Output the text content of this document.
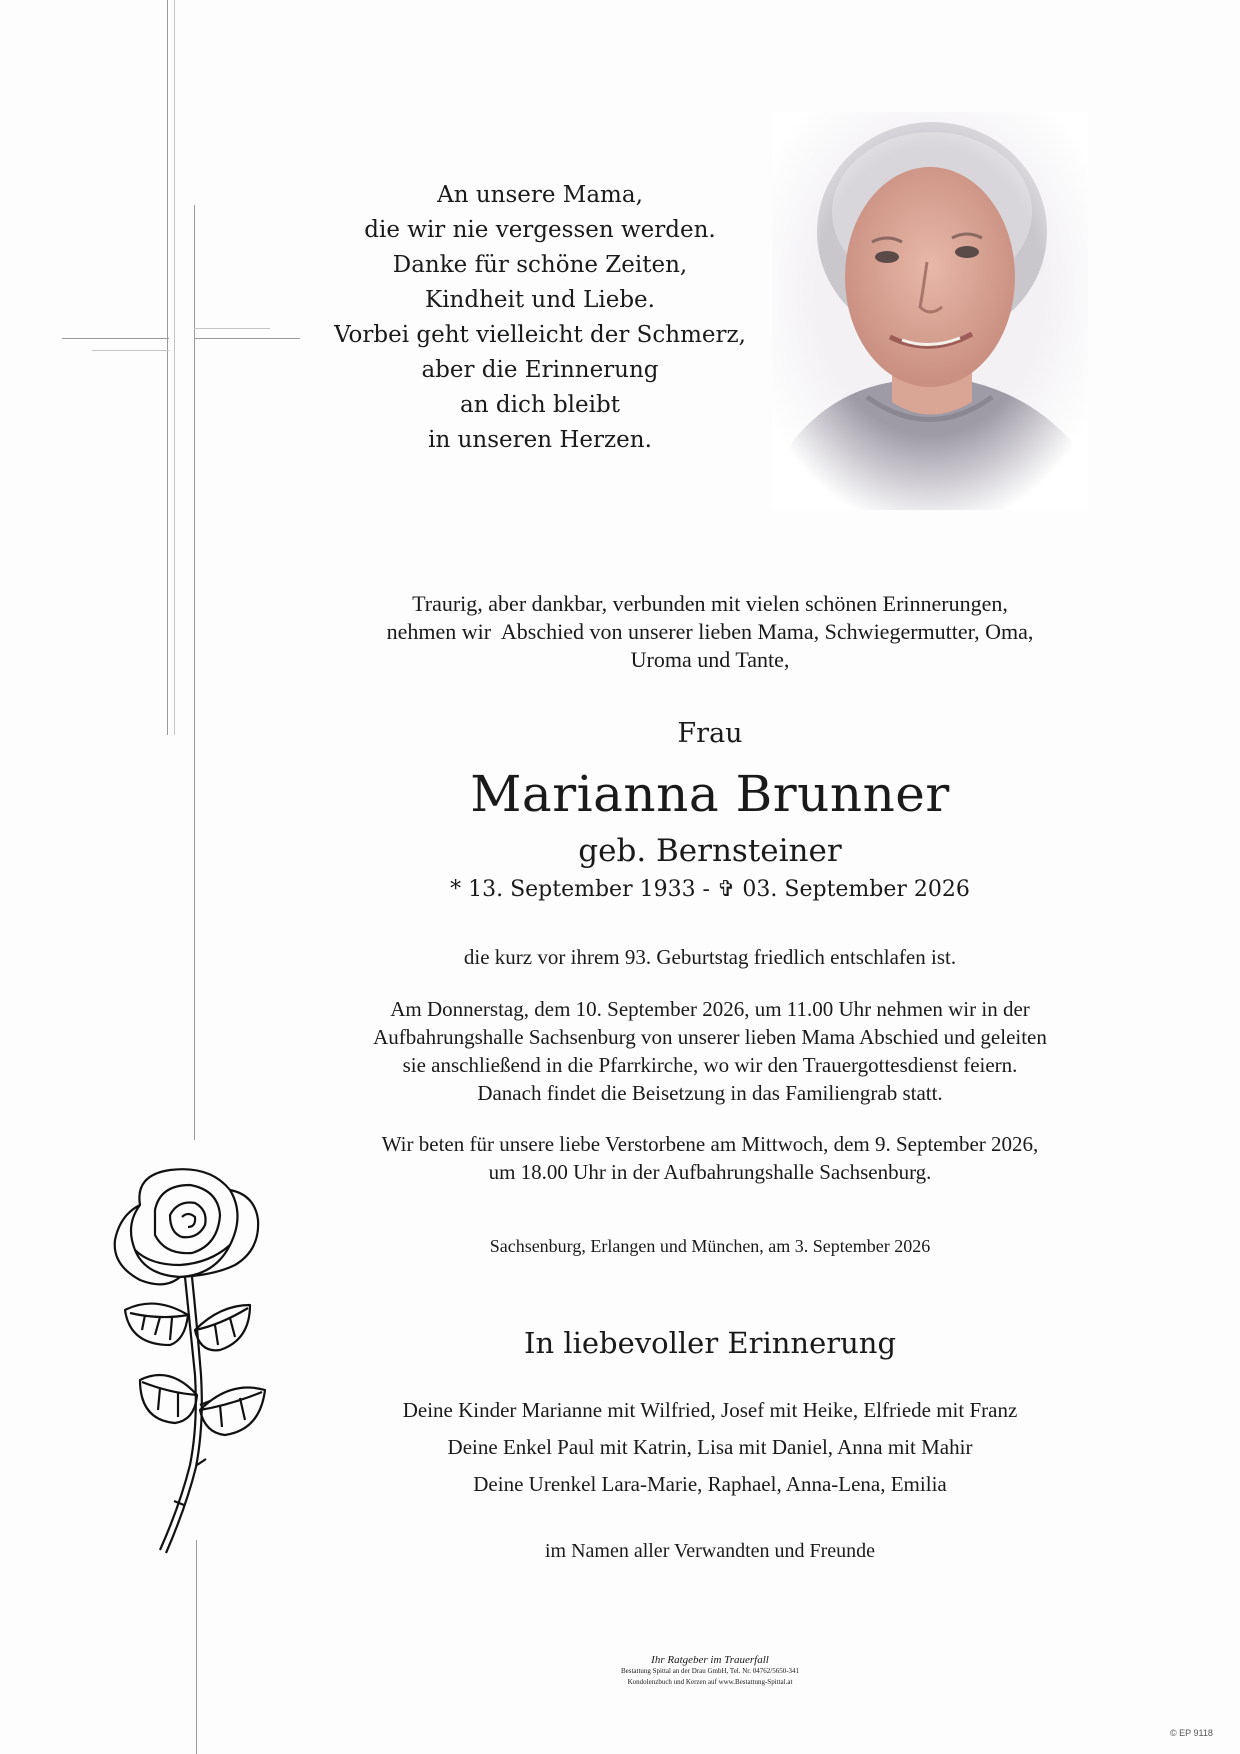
An unsere Mama,
die wir nie vergessen werden.
Danke für schöne Zeiten,
Kindheit und Liebe.
Vorbei geht vielleicht der Schmerz,
aber die Erinnerung
an dich bleibt
in unseren Herzen.
Traurig, aber dankbar, verbunden mit vielen schönen Erinnerungen,
nehmen wir  Abschied von unserer lieben Mama, Schwiegermutter, Oma,
Uroma und Tante,
Frau
Marianna Brunner
geb. Bernsteiner
* 13. September 1933 - ✞ 03. September 2026
die kurz vor ihrem 93. Geburtstag friedlich entschlafen ist.
Am Donnerstag, dem 10. September 2026, um 11.00 Uhr nehmen wir in der
Aufbahrungshalle Sachsenburg von unserer lieben Mama Abschied und geleiten
sie anschließend in die Pfarrkirche, wo wir den Trauergottesdienst feiern.
Danach findet die Beisetzung in das Familiengrab statt.
Wir beten für unsere liebe Verstorbene am Mittwoch, dem 9. September 2026,
um 18.00 Uhr in der Aufbahrungshalle Sachsenburg.
Sachsenburg, Erlangen und München, am 3. September 2026
In liebevoller Erinnerung
Deine Kinder Marianne mit Wilfried, Josef mit Heike, Elfriede mit Franz
Deine Enkel Paul mit Katrin, Lisa mit Daniel, Anna mit Mahir
Deine Urenkel Lara-Marie, Raphael, Anna-Lena, Emilia
im Namen aller Verwandten und Freunde
Ihr Ratgeber im Trauerfall
Bestattung Spittal an der Drau GmbH, Tel. Nr. 04762/5650-341
Kondolenzbuch und Kerzen auf www.Bestattung-Spittal.at
© EP 9118
